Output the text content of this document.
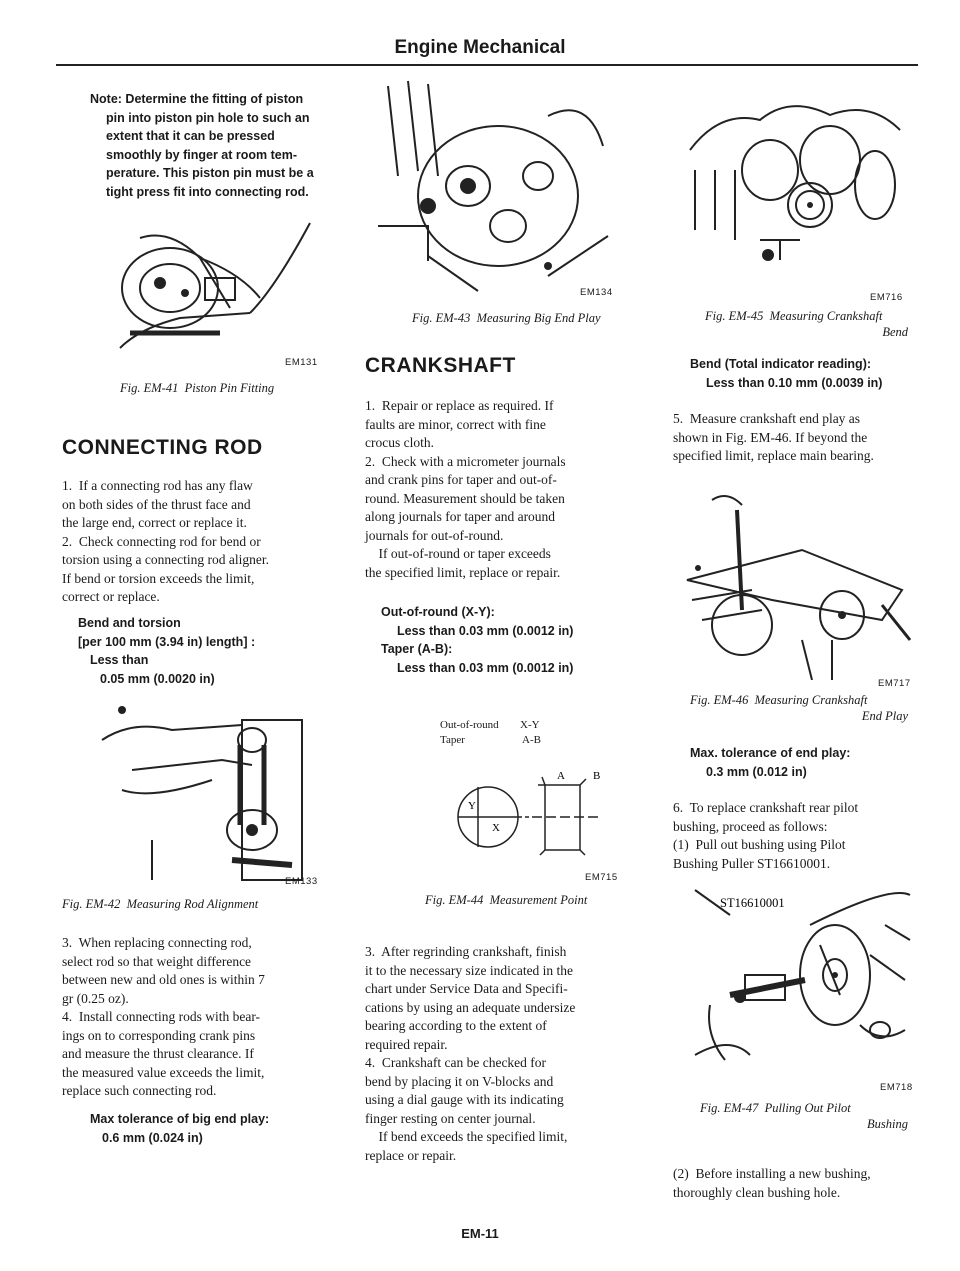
Engine Mechanical
Note: Determine the fitting of piston
pin into piston pin hole to such an
extent that it can be pressed
smoothly by finger at room tem-
perature. This piston pin must be a
tight press fit into connecting rod.
EM131
Fig. EM-41  Piston Pin Fitting
CONNECTING ROD
1.  If a connecting rod has any flaw
on both sides of the thrust face and
the large end, correct or replace it.
2.  Check connecting rod for bend or
torsion using a connecting rod aligner.
If bend or torsion exceeds the limit,
correct or replace.
Bend and torsion
[per 100 mm (3.94 in) length] :
Less than
0.05 mm (0.0020 in)
EM133
Fig. EM-42  Measuring Rod Alignment
3.  When replacing connecting rod,
select rod so that weight difference
between new and old ones is within 7
gr (0.25 oz).
4.  Install connecting rods with bear-
ings on to corresponding crank pins
and measure the thrust clearance. If
the measured value exceeds the limit,
replace such connecting rod.
Max tolerance of big end play:
0.6 mm (0.024 in)
EM134
Fig. EM-43  Measuring Big End Play
CRANKSHAFT
1.  Repair or replace as required. If
faults are minor, correct with fine
crocus cloth.
2.  Check with a micrometer journals
and crank pins for taper and out-of-
round. Measurement should be taken
along journals for taper and around
journals for out-of-round.
If out-of-round or taper exceeds
the specified limit, replace or repair.
Out-of-round (X-Y):
Less than 0.03 mm (0.0012 in)
Taper (A-B):
Less than 0.03 mm (0.0012 in)
Out-of-round X-Y
Taper	A-B
A	B
Y
X
EM715
Fig. EM-44  Measurement Point
3.  After regrinding crankshaft, finish
it to the necessary size indicated in the
chart under Service Data and Specifi-
cations by using an adequate undersize
bearing according to the extent of
required repair.
4.  Crankshaft can be checked for
bend by placing it on V-blocks and
using a dial gauge with its indicating
finger resting on center journal.
If bend exceeds the specified limit,
replace or repair.
EM716
Fig. EM-45  Measuring Crankshaft
Bend
Bend (Total indicator reading):
Less than 0.10 mm (0.0039 in)
5.  Measure crankshaft end play as
shown in Fig. EM-46. If beyond the
specified limit, replace main bearing.
EM717
Fig. EM-46  Measuring Crankshaft
End Play
Max. tolerance of end play:
0.3 mm (0.012 in)
6.  To replace crankshaft rear pilot
bushing, proceed as follows:
(1)  Pull out bushing using Pilot
Bushing Puller ST16610001.
ST16610001
EM718
Fig. EM-47  Pulling Out Pilot
Bushing
(2)  Before installing a new bushing,
thoroughly clean bushing hole.
EM-11
